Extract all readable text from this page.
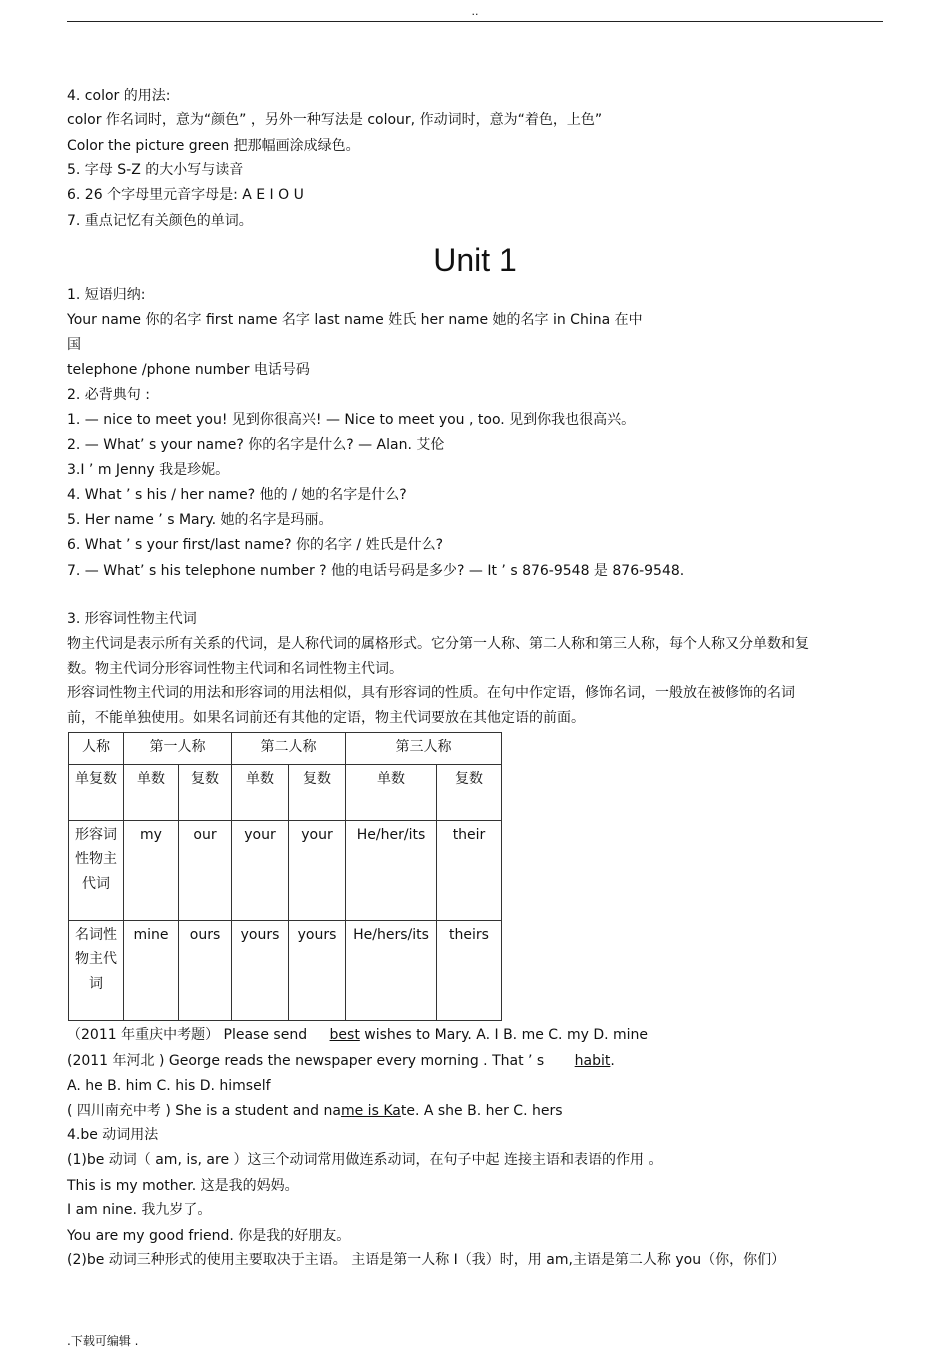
..
4. color 的用法:
color 作名词时，意为“颜色” ，另外一种写法是 colour, 作动词时，意为“着色，上色”
Color the picture green 把那幅画涂成绿色。
5. 字母 S-Z 的大小写与读音
6. 26 个字母里元音字母是: A E I O U
7. 重点记忆有关颜色的单词。
Unit 1
1. 短语归纳:
Your name 你的名字 first name 名字 last name 姓氏 her name 她的名字 in China 在中
国
telephone /phone number 电话号码
2. 必背典句 :
1. — nice to meet you! 见到你很高兴! — Nice to meet you , too. 见到你我也很高兴。
2. — What’ s your name? 你的名字是什么? — Alan. 艾伦
3.I ’ m Jenny 我是珍妮。
4. What ’ s his / her name? 他的 / 她的名字是什么?
5. Her name ’ s Mary. 她的名字是玛丽。
6. What ’ s your first/last name? 你的名字 / 姓氏是什么?
7. — What’ s his telephone number ? 他的电话号码是多少? — It ’ s 876-9548 是 876-9548.
3. 形容词性物主代词
物主代词是表示所有关系的代词，是人称代词的属格形式。它分第一人称、第二人称和第三人称，每个人称又分单数和复数。物主代词分形容词性物主代词和名词性物主代词。
形容词性物主代词的用法和形容词的用法相似，具有形容词的性质。在句中作定语，修饰名词，一般放在被修饰的名词前，不能单独使用。如果名词前还有其他的定语，物主代词要放在其他定语的前面。
人称	第一人称		第二人称		第三人称	
单复数	单数	复数	单数	复数	单数	复数
形容词性物主代词	my	our	your	your	He/her/its	their
名词性物主代词	mine	ours	yours	yours	He/hers/its	theirs
（2011 年重庆中考题） Please send best wishes to Mary. A. I B. me C. my D. mine
(2011 年河北 ) George reads the newspaper every morning . That ’ s habit.
A. he B. him C. his D. himself
( 四川南充中考 ) She is a student and name is Kate. A she B. her C. hers
4.be 动词用法
(1)be 动词（ am, is, are ）这三个动词常用做连系动词，在句子中起 连接主语和表语的作用 。
This is my mother. 这是我的妈妈。
I am nine. 我九岁了。
You are my good friend. 你是我的好朋友。
(2)be 动词三种形式的使用主要取决于主语。 主语是第一人称 I（我）时，用 am,主语是第二人称 you（你，你们）
.下载可编辑 .
